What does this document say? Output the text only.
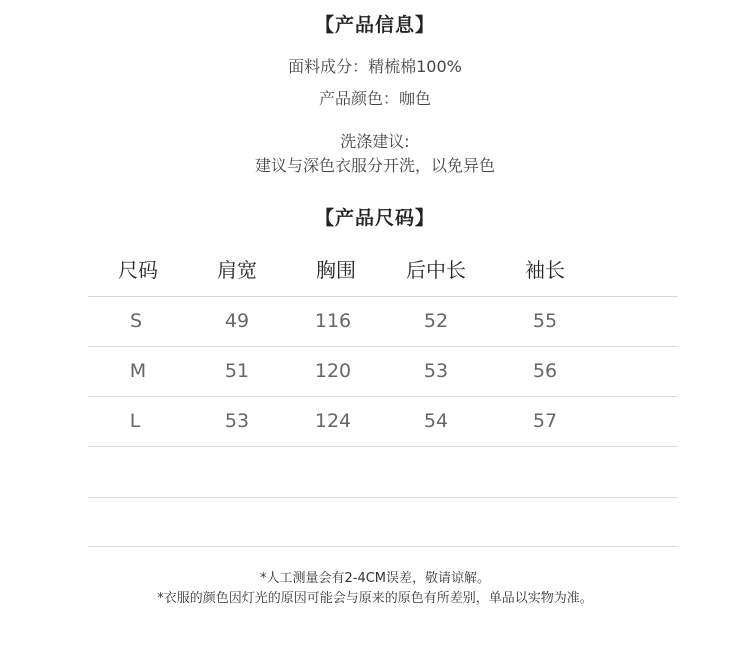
【产品信息】
面料成分：精梳棉100%
产品颜色：咖色
洗涤建议:
建议与深色衣服分开洗，以免异色
【产品尺码】
尺码	肩宽	胸围	后中长	袖长
S	49	116	52	55
M	51	120	53	56
L	53	124	54	57
*人工测量会有2-4CM误差，敬请谅解。
*衣服的颜色因灯光的原因可能会与原来的原色有所差别，单品以实物为准。
